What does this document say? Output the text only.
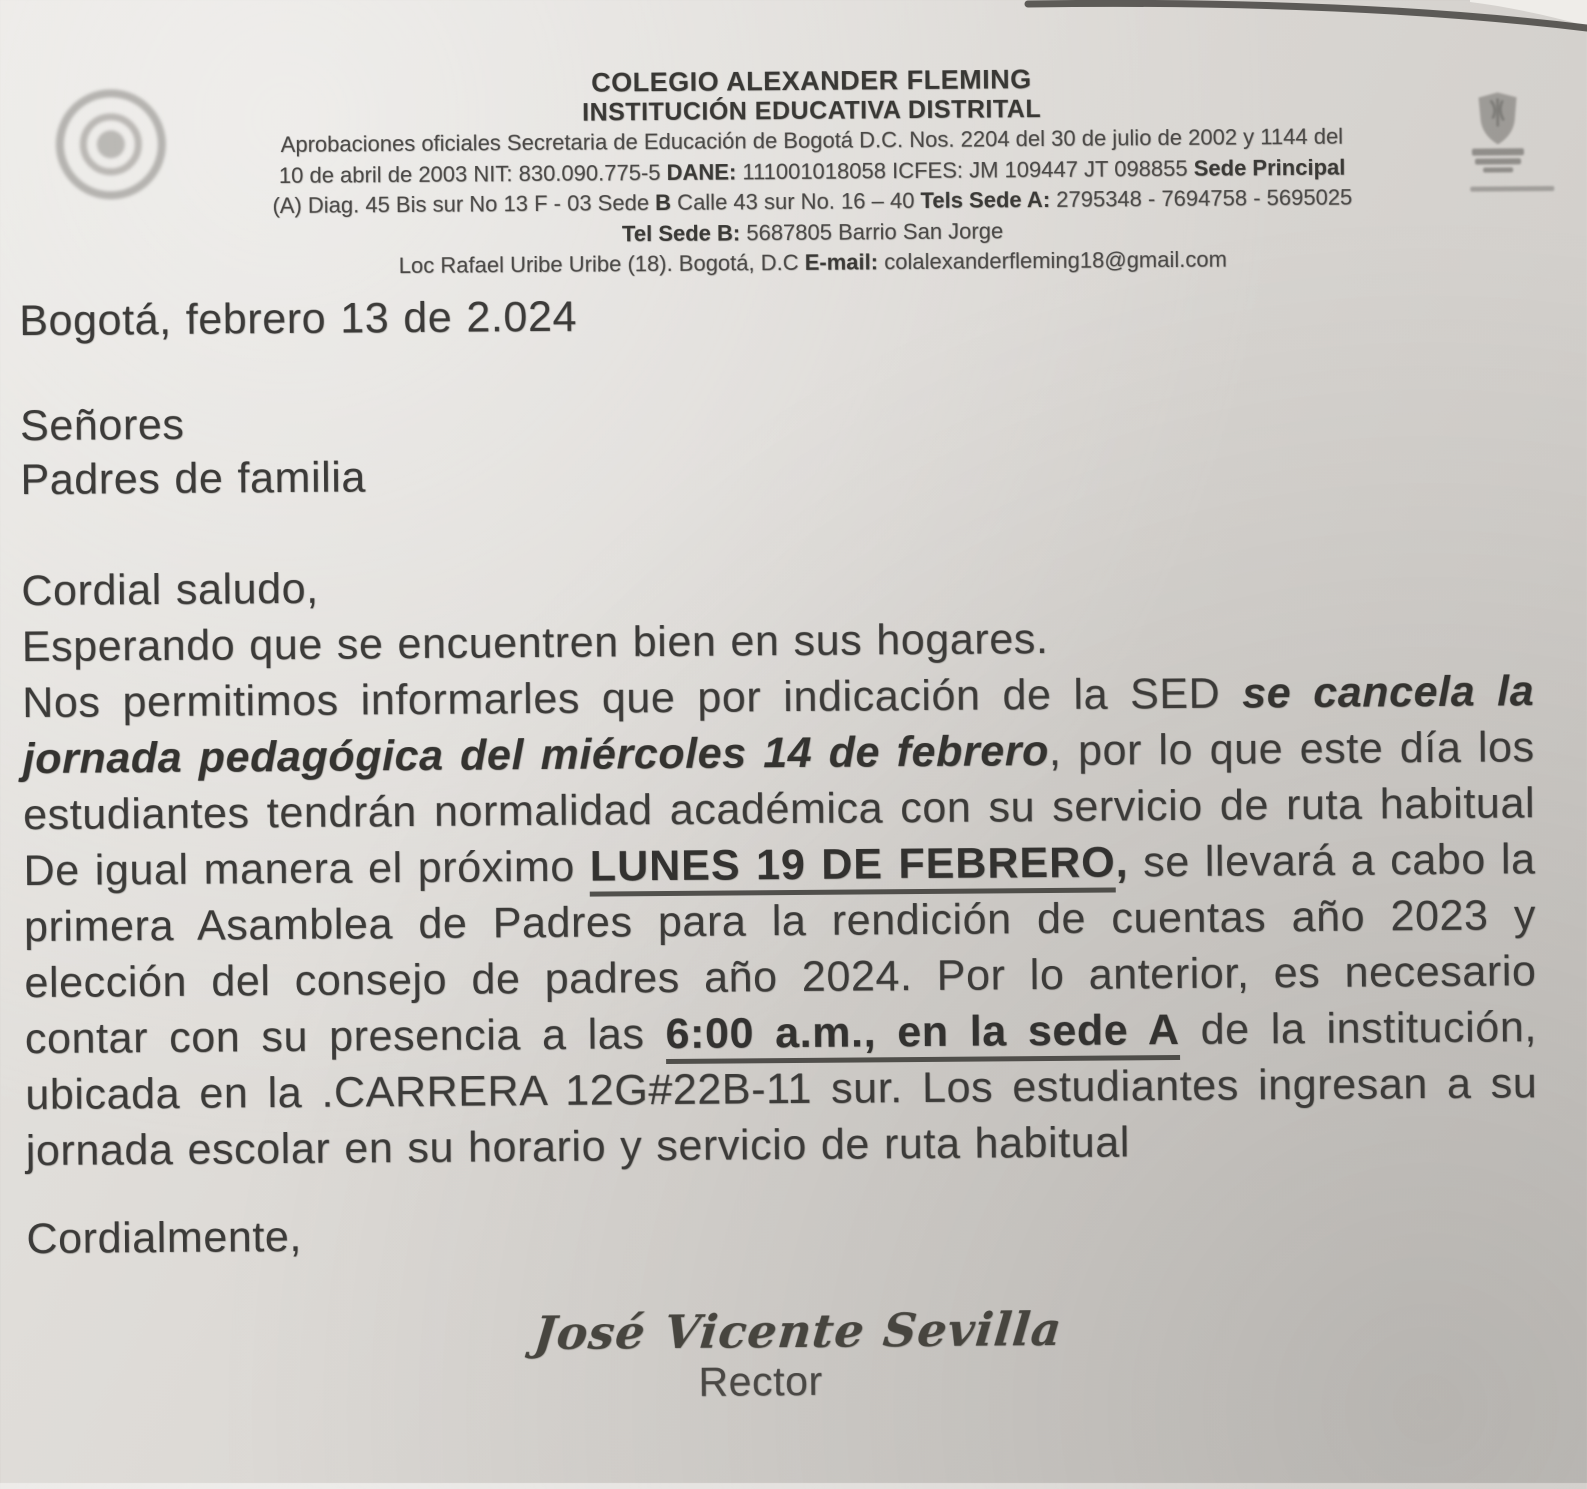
COLEGIO ALEXANDER FLEMING
INSTITUCIÓN EDUCATIVA DISTRITAL
Aprobaciones oficiales Secretaria de Educación de Bogotá D.C. Nos. 2204 del 30 de julio de 2002 y 1144 del
10 de abril de 2003 NIT: 830.090.775-5 DANE: 111001018058 ICFES: JM 109447 JT 098855 Sede Principal
(A) Diag. 45 Bis sur No 13 F - 03 Sede B Calle 43 sur No. 16 – 40 Tels Sede A: 2795348 - 7694758 - 5695025
Tel Sede B: 5687805 Barrio San Jorge
Loc Rafael Uribe Uribe (18). Bogotá, D.C E-mail: colalexanderfleming18@gmail.com

Bogotá, febrero 13 de 2.024

Señores
Padres de familia
Cordial saludo,
Esperando que se encuentren bien en sus hogares.
Nos permitimos informarles que por indicación de la SED se cancela la jornada pedagógica del miércoles 14 de febrero, por lo que este día los estudiantes tendrán normalidad académica con su servicio de ruta habitual De igual manera el próximo LUNES 19 DE FEBRERO, se llevará a cabo la primera Asamblea de Padres para la rendición de cuentas año 2023 y elección del consejo de padres año 2024. Por lo anterior, es necesario contar con su presencia a las 6:00 a.m., en la sede A de la institución, ubicada en la .CARRERA 12G#22B-11 sur. Los estudiantes ingresan a su jornada escolar en su horario y servicio de ruta habitual

Cordialmente,

José Vicente Sevilla
Rector
